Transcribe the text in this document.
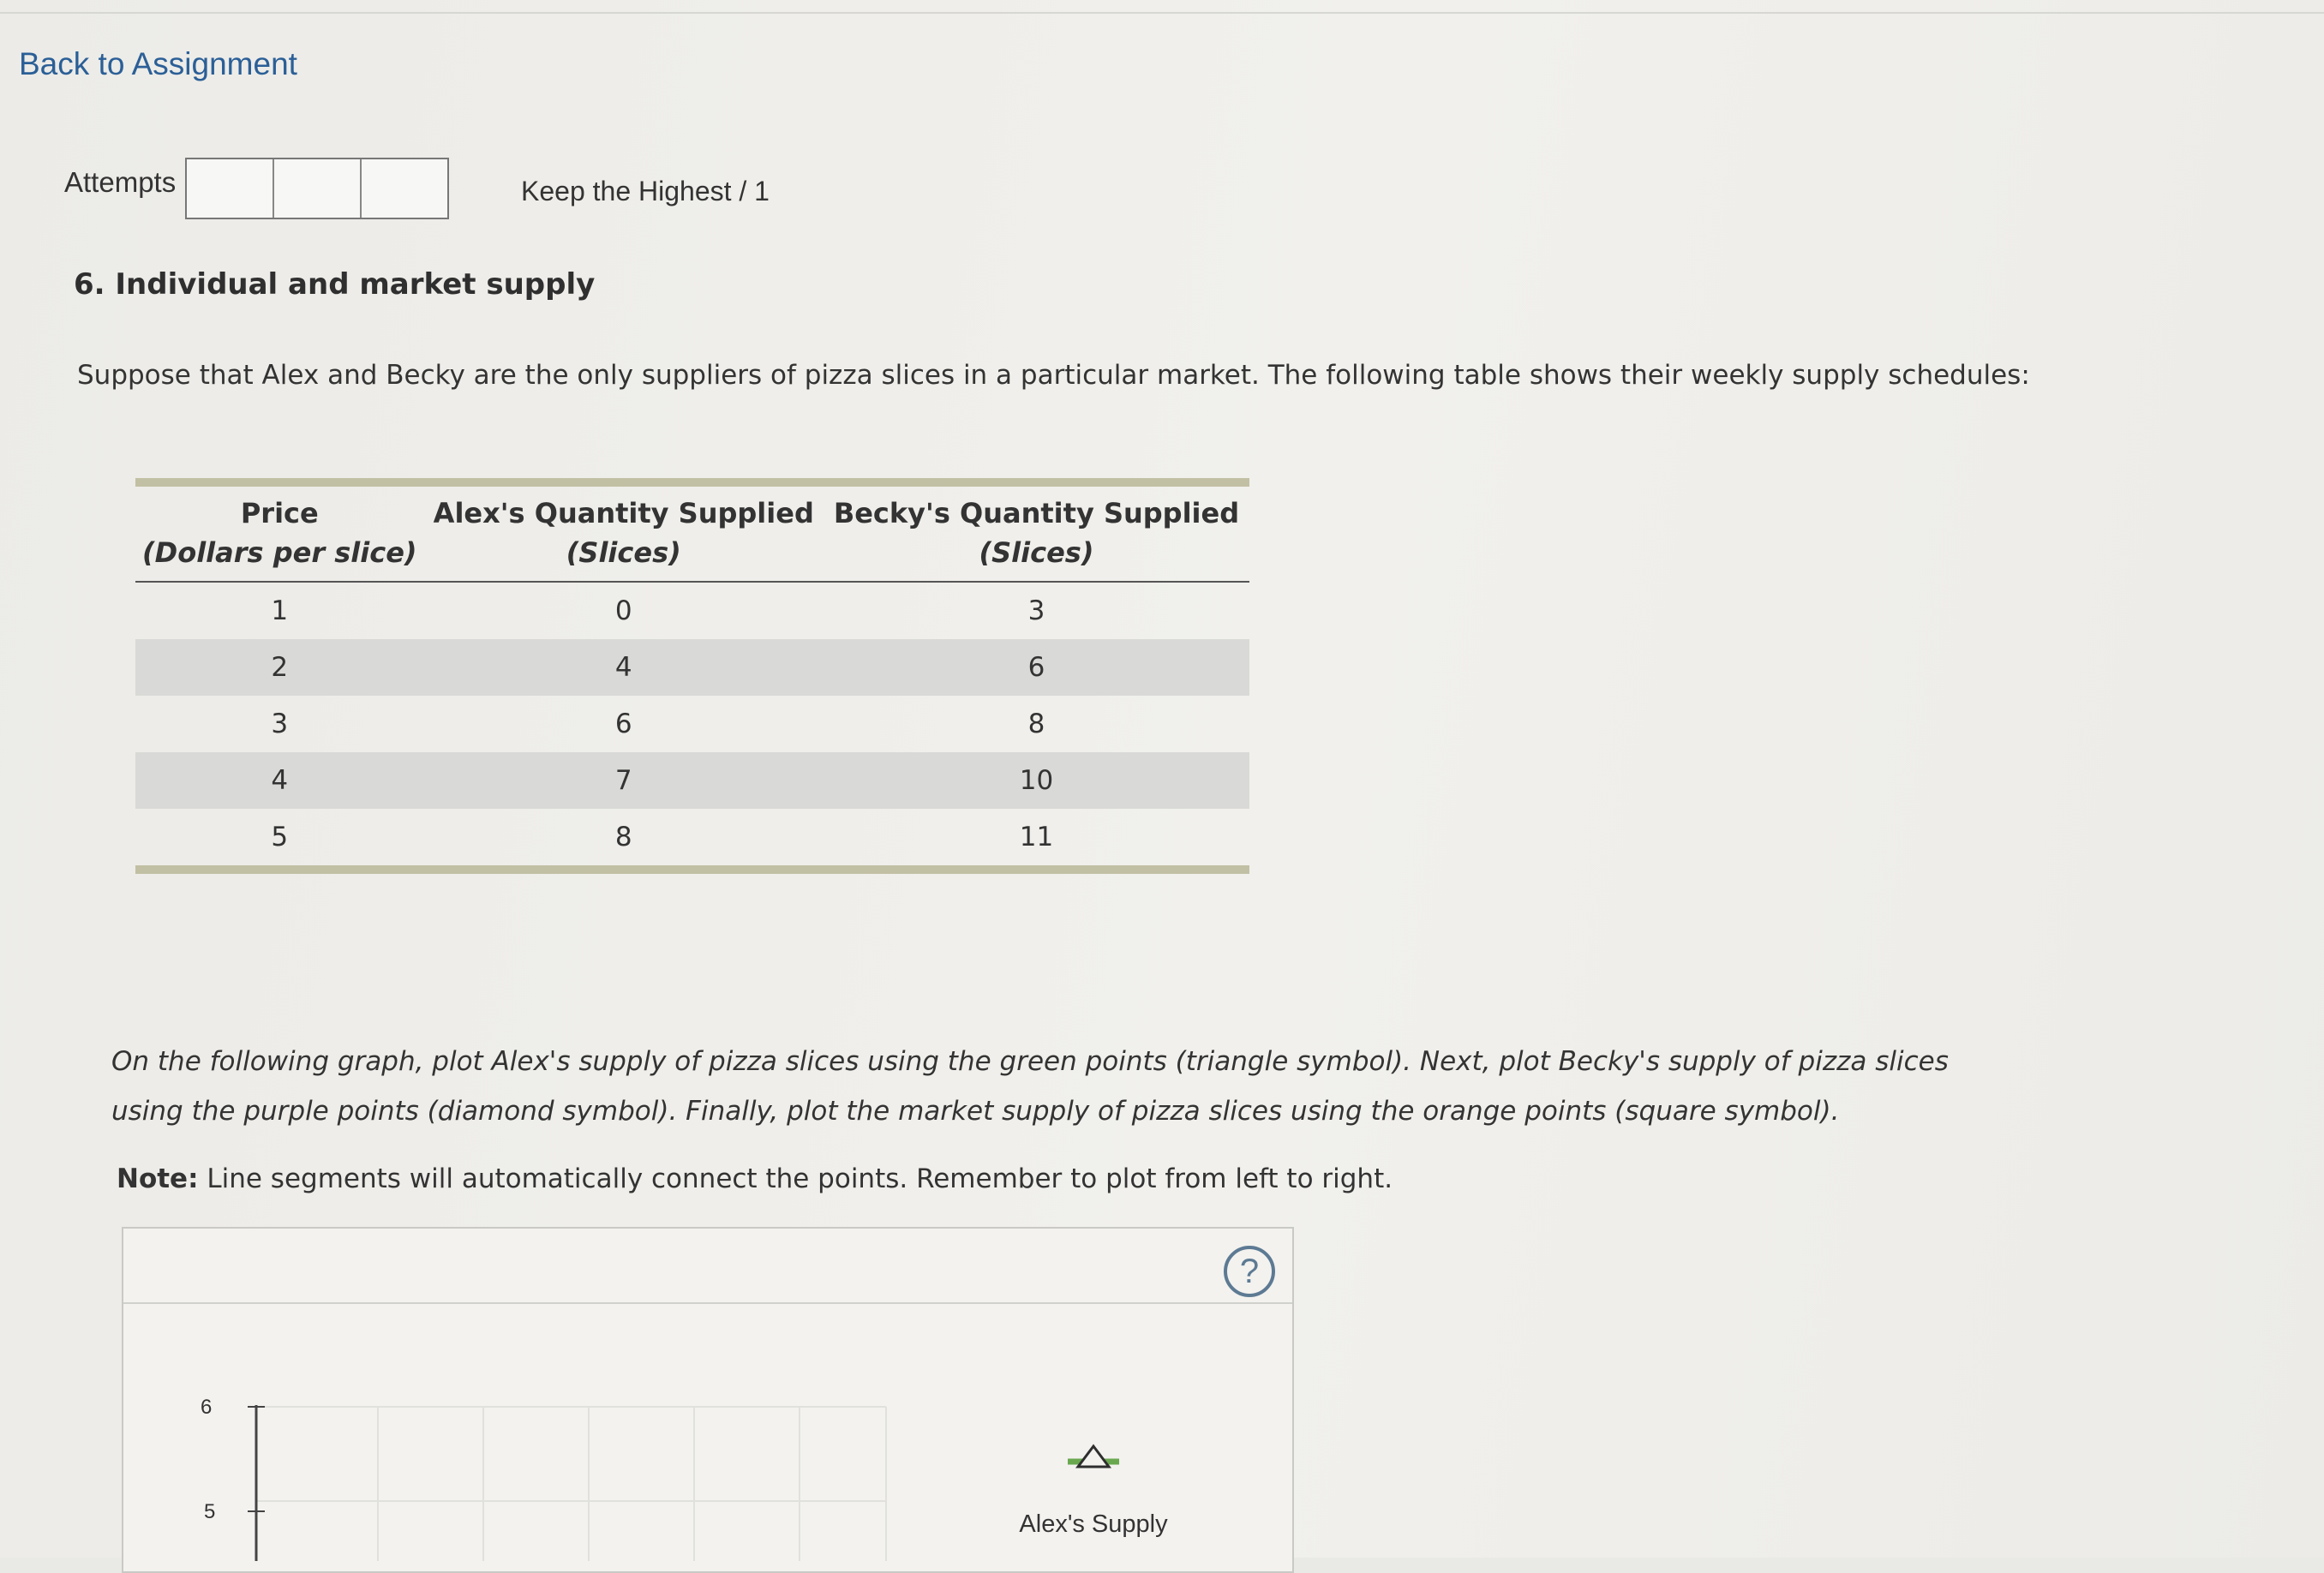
Back to Assignment
Attempts	Keep the Highest / 1
6. Individual and market supply
Suppose that Alex and Becky are the only suppliers of pizza slices in a particular market. The following table shows their weekly supply schedules:
Price	Alex's Quantity Supplied	Becky's Quantity Supplied
(Dollars per slice)	(Slices)	(Slices)
1	0	3
2	4	6
3	6	8
4	7	10
5	8	11
On the following graph, plot Alex's supply of pizza slices using the green points (triangle symbol). Next, plot Becky's supply of pizza slices using the purple points (diamond symbol). Finally, plot the market supply of pizza slices using the orange points (square symbol).
Note: Line segments will automatically connect the points. Remember to plot from left to right.
?
6
5	Alex's Supply
